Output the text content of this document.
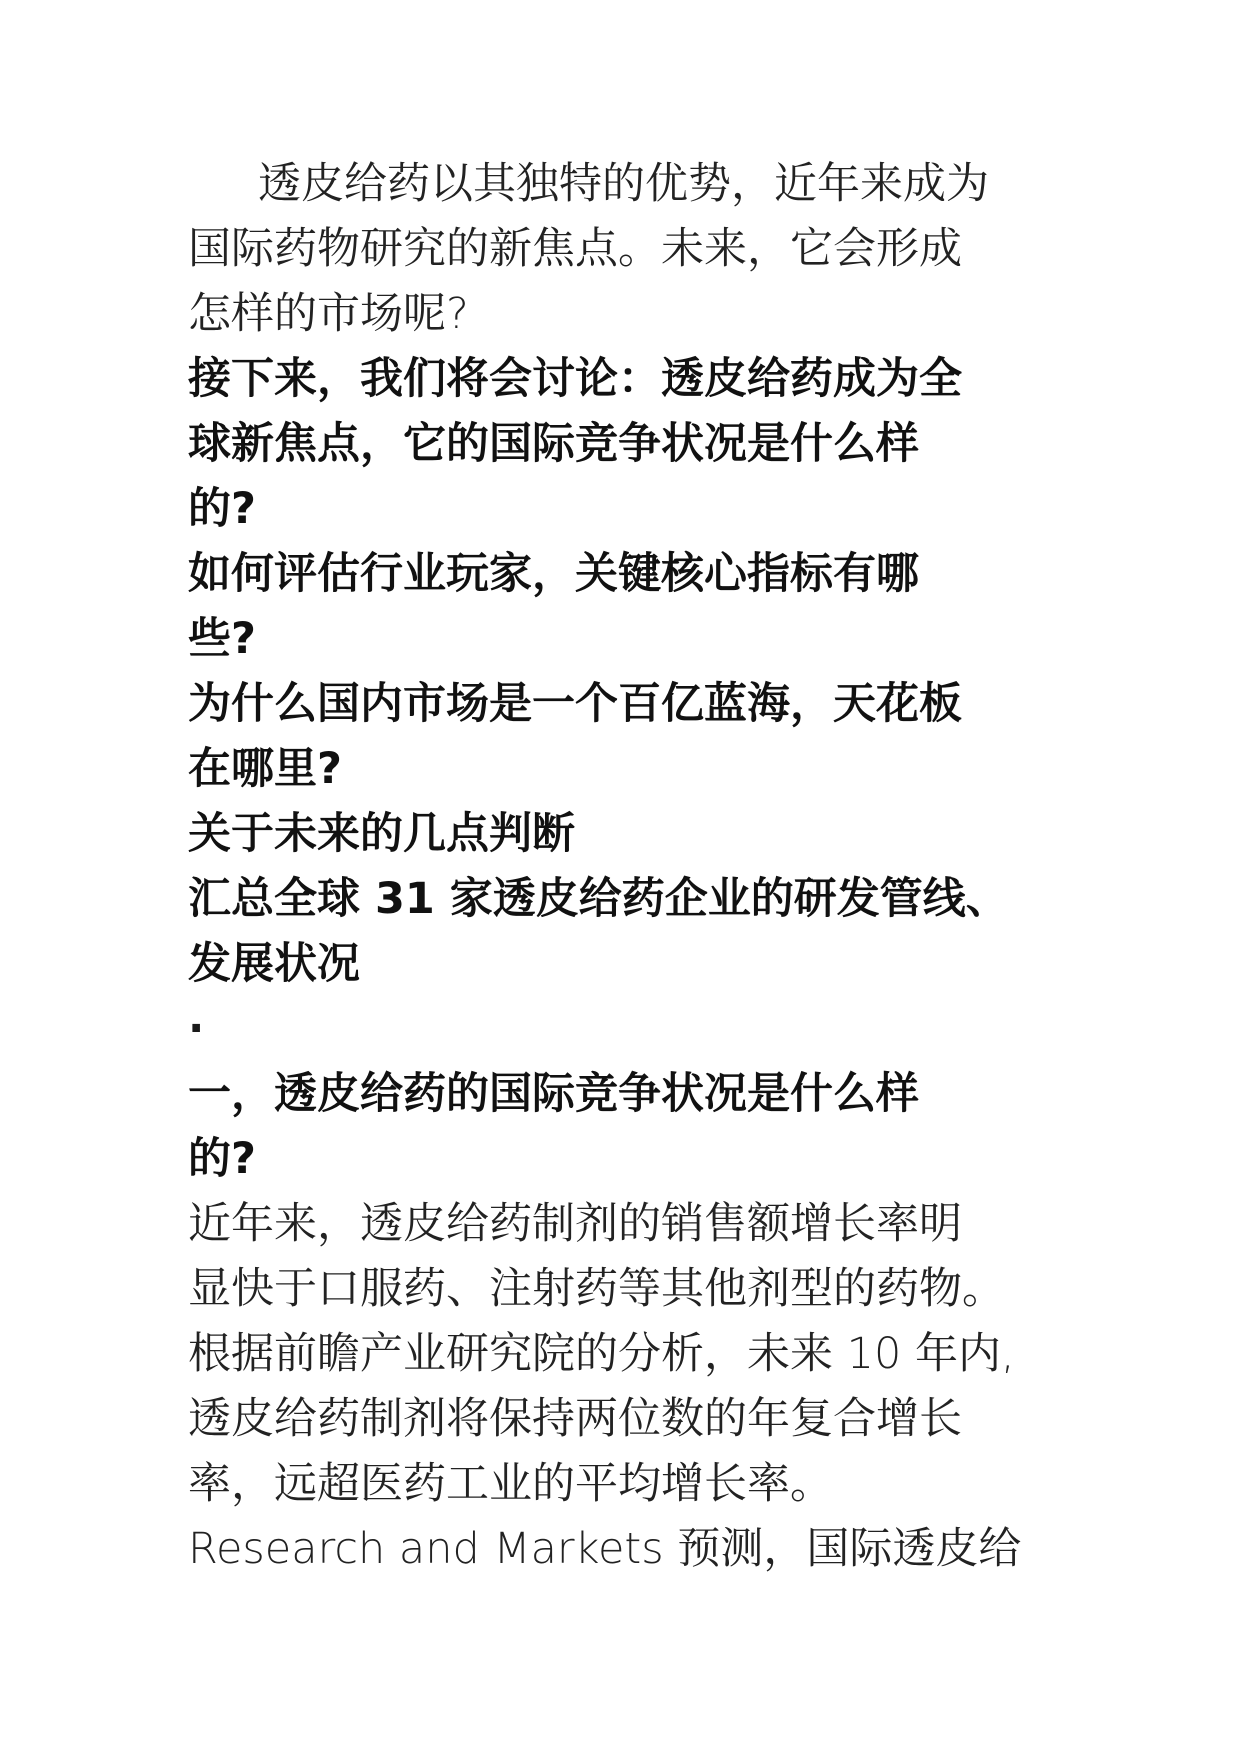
透皮给药以其独特的优势，近年来成为
国际药物研究的新焦点。未来，它会形成
怎样的市场呢?
接下来，我们将会讨论：透皮给药成为全
球新焦点，它的国际竞争状况是什么样
的?
如何评估行业玩家，关键核心指标有哪
些?
为什么国内市场是一个百亿蓝海，天花板
在哪里?
关于未来的几点判断
汇总全球 31 家透皮给药企业的研发管线、
发展状况
·
一，透皮给药的国际竞争状况是什么样
的?
近年来，透皮给药制剂的销售额增长率明
显快于口服药、注射药等其他剂型的药物。
根据前瞻产业研究院的分析，未来 10 年内,
透皮给药制剂将保持两位数的年复合增长
率，远超医药工业的平均增长率。
Research and Markets 预测，国际透皮给
